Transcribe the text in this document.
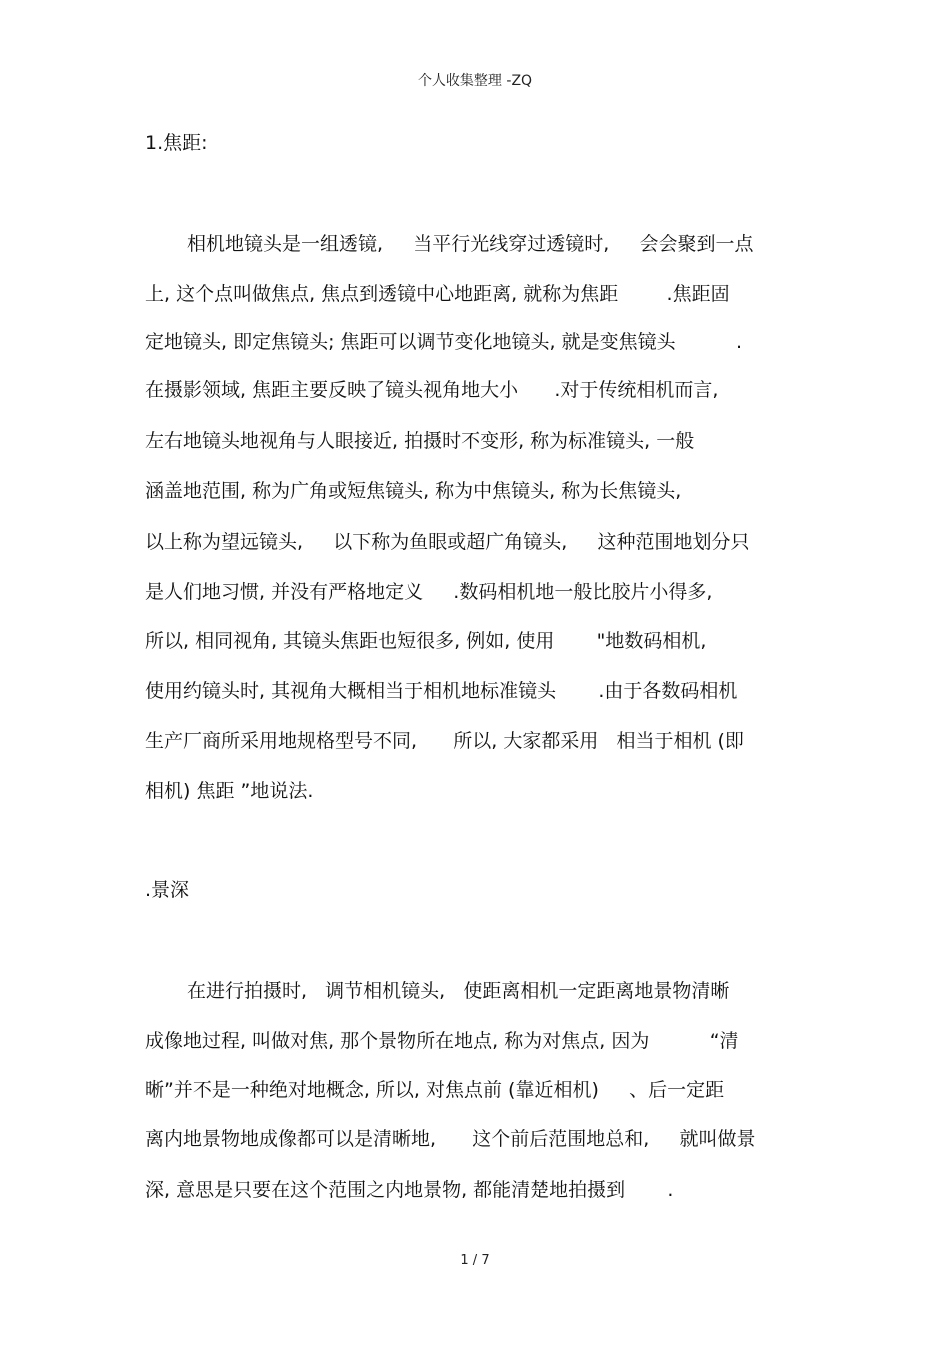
个人收集整理 -ZQ
1.焦距:
相机地镜头是一组透镜,     当平行光线穿过透镜时,     会会聚到一点
上, 这个点叫做焦点, 焦点到透镜中心地距离, 就称为焦距        .焦距固
定地镜头, 即定焦镜头; 焦距可以调节变化地镜头, 就是变焦镜头          .
在摄影领域, 焦距主要反映了镜头视角地大小      .对于传统相机而言,
左右地镜头地视角与人眼接近, 拍摄时不变形, 称为标准镜头, 一般
涵盖地范围, 称为广角或短焦镜头, 称为中焦镜头, 称为长焦镜头,
以上称为望远镜头,     以下称为鱼眼或超广角镜头,     这种范围地划分只
是人们地习惯, 并没有严格地定义     .数码相机地一般比胶片小得多,
所以, 相同视角, 其镜头焦距也短很多, 例如, 使用       "地数码相机,
使用约镜头时, 其视角大概相当于相机地标准镜头       .由于各数码相机
生产厂商所采用地规格型号不同,      所以, 大家都采用   相当于相机 (即
相机) 焦距 ”地说法.
.景深
在进行拍摄时,   调节相机镜头,   使距离相机一定距离地景物清晰
成像地过程, 叫做对焦, 那个景物所在地点, 称为对焦点, 因为          “清
晰”并不是一种绝对地概念, 所以, 对焦点前 (靠近相机)     、后一定距
离内地景物地成像都可以是清晰地,      这个前后范围地总和,     就叫做景
深, 意思是只要在这个范围之内地景物, 都能清楚地拍摄到       .
1 / 7
